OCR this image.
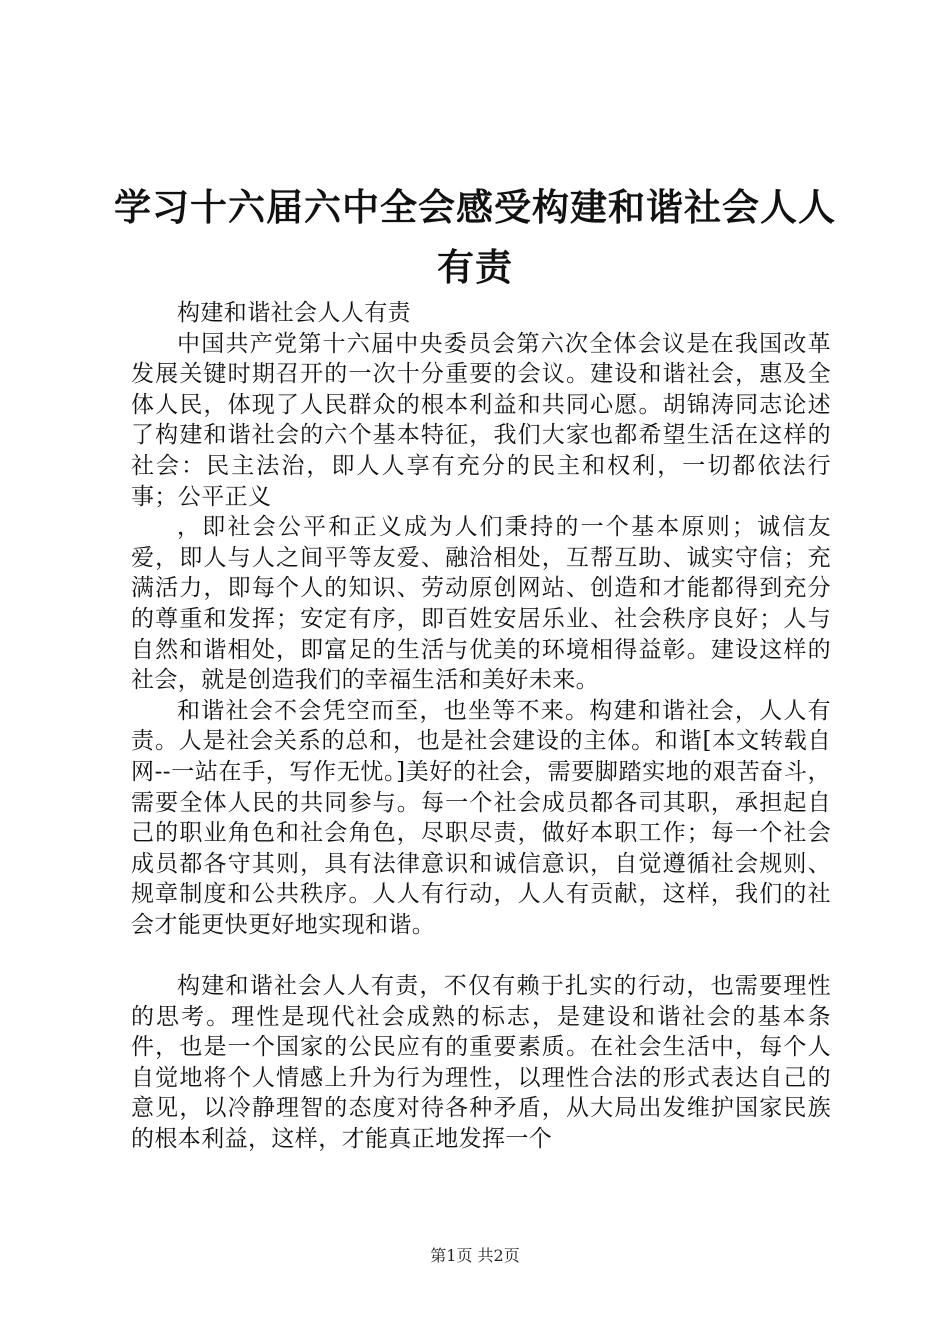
学习十六届六中全会感受构建和谐社会人人有责

构建和谐社会人人有责

中国共产党第十六届中央委员会第六次全体会议是在我国改革发展关键时期召开的一次十分重要的会议。建设和谐社会，惠及全体人民，体现了人民群众的根本利益和共同心愿。胡锦涛同志论述了构建和谐社会的六个基本特征，我们大家也都希望生活在这样的社会：民主法治，即人人享有充分的民主和权利，一切都依法行事；公平正义

，即社会公平和正义成为人们秉持的一个基本原则；诚信友爱，即人与人之间平等友爱、融洽相处，互帮互助、诚实守信；充满活力，即每个人的知识、劳动原创网站、创造和才能都得到充分的尊重和发挥；安定有序，即百姓安居乐业、社会秩序良好；人与自然和谐相处，即富足的生活与优美的环境相得益彰。建设这样的社会，就是创造我们的幸福生活和美好未来。

和谐社会不会凭空而至，也坐等不来。构建和谐社会，人人有责。人是社会关系的总和，也是社会建设的主体。和谐[本文转载自网--一站在手，写作无忧。]美好的社会，需要脚踏实地的艰苦奋斗，需要全体人民的共同参与。每一个社会成员都各司其职，承担起自己的职业角色和社会角色，尽职尽责，做好本职工作；每一个社会成员都各守其则，具有法律意识和诚信意识，自觉遵循社会规则、规章制度和公共秩序。人人有行动，人人有贡献，这样，我们的社会才能更快更好地实现和谐。

构建和谐社会人人有责，不仅有赖于扎实的行动，也需要理性的思考。理性是现代社会成熟的标志，是建设和谐社会的基本条件，也是一个国家的公民应有的重要素质。在社会生活中，每个人自觉地将个人情感上升为行为理性，以理性合法的形式表达自己的意见，以冷静理智的态度对待各种矛盾，从大局出发维护国家民族的根本利益，这样，才能真正地发挥一个

第1页 共2页
